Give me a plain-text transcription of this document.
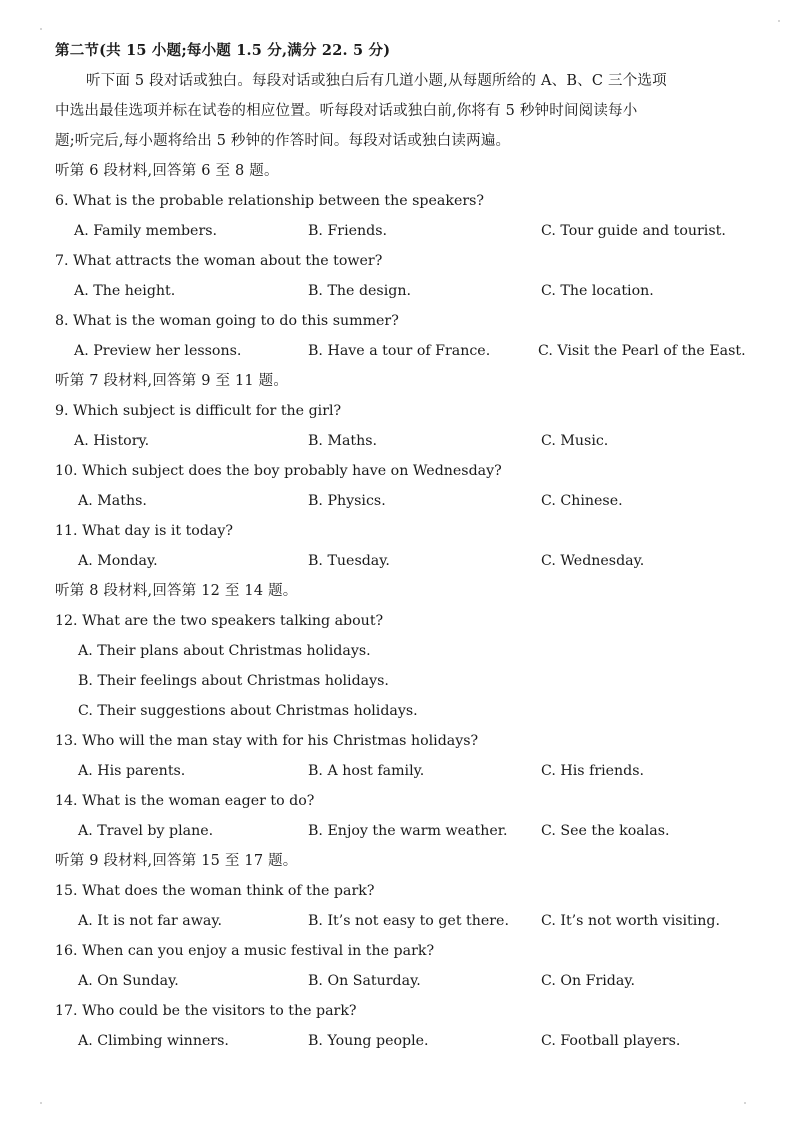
第二节(共 15 小题;每小题 1.5 分,满分 22. 5 分)
听下面 5 段对话或独白。每段对话或独白后有几道小题,从每题所给的 A、B、C 三个选项
中选出最佳选项并标在试卷的相应位置。听每段对话或独白前,你将有 5 秒钟时间阅读每小
题;听完后,每小题将给出 5 秒钟的作答时间。每段对话或独白读两遍。
听第 6 段材料,回答第 6 至 8 题。
6. What is the probable relationship between the speakers?
A. Family members.	B. Friends.	C. Tour guide and tourist.
7. What attracts the woman about the tower?
A. The height.	B. The design.	C. The location.
8. What is the woman going to do this summer?
A. Preview her lessons.	B. Have a tour of France.	C. Visit the Pearl of the East.
听第 7 段材料,回答第 9 至 11 题。
9. Which subject is difficult for the girl?
A. History.	B. Maths.	C. Music.
10. Which subject does the boy probably have on Wednesday?
A. Maths.	B. Physics.	C. Chinese.
11. What day is it today?
A. Monday.	B. Tuesday.	C. Wednesday.
听第 8 段材料,回答第 12 至 14 题。
12. What are the two speakers talking about?
A. Their plans about Christmas holidays.
B. Their feelings about Christmas holidays.
C. Their suggestions about Christmas holidays.
13. Who will the man stay with for his Christmas holidays?
A. His parents.	B. A host family.	C. His friends.
14. What is the woman eager to do?
A. Travel by plane.	B. Enjoy the warm weather. C. See the koalas.
听第 9 段材料,回答第 15 至 17 题。
15. What does the woman think of the park?
A. It is not far away.	B. It’s not easy to get there. C. It’s not worth visiting.
16. When can you enjoy a music festival in the park?
A. On Sunday.	B. On Saturday.	C. On Friday.
17. Who could be the visitors to the park?
A. Climbing winners.	B. Young people.	C. Football players.
